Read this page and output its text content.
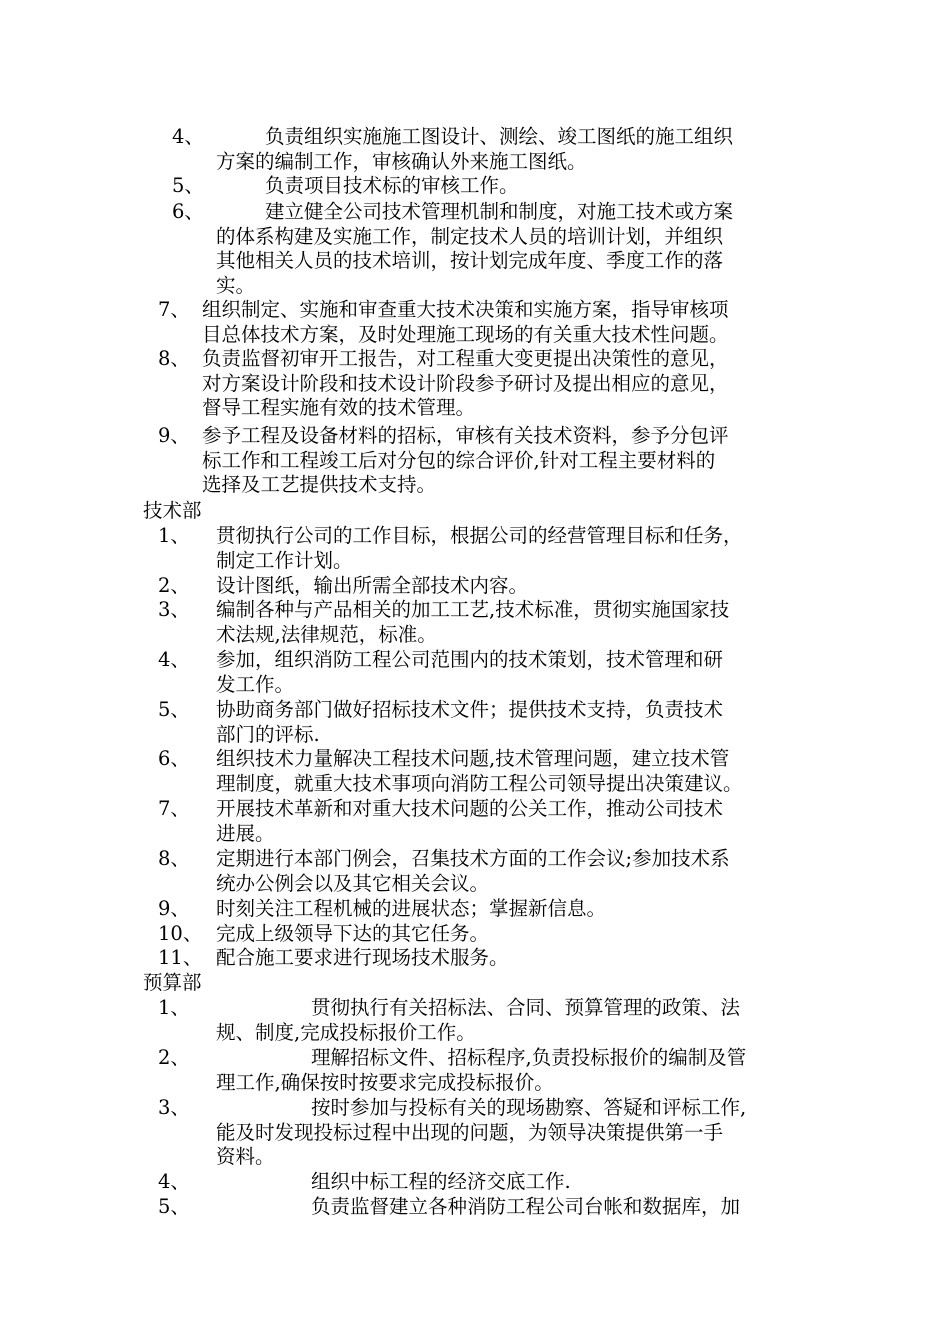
4、	负责组织实施施工图设计、测绘、竣工图纸的施工组织
方案的编制工作，审核确认外来施工图纸。
5、	负责项目技术标的审核工作。
6、	建立健全公司技术管理机制和制度，对施工技术或方案
的体系构建及实施工作，制定技术人员的培训计划，并组织
其他相关人员的技术培训，按计划完成年度、季度工作的落
实。
7、 组织制定、实施和审查重大技术决策和实施方案，指导审核项
目总体技术方案，及时处理施工现场的有关重大技术性问题。
8、 负责监督初审开工报告，对工程重大变更提出决策性的意见，
对方案设计阶段和技术设计阶段参予研讨及提出相应的意见，
督导工程实施有效的技术管理。
9、 参予工程及设备材料的招标，审核有关技术资料，参予分包评
标工作和工程竣工后对分包的综合评价,针对工程主要材料的
选择及工艺提供技术支持。
技术部
1、 贯彻执行公司的工作目标，根据公司的经营管理目标和任务，
制定工作计划。
2、 设计图纸，输出所需全部技术内容。
3、 编制各种与产品相关的加工工艺,技术标准，贯彻实施国家技
术法规,法律规范，标准。
4、 参加，组织消防工程公司范围内的技术策划，技术管理和研
发工作。
5、 协助商务部门做好招标技术文件；提供技术支持，负责技术
部门的评标.
6、 组织技术力量解决工程技术问题,技术管理问题，建立技术管
理制度，就重大技术事项向消防工程公司领导提出决策建议。
7、 开展技术革新和对重大技术问题的公关工作，推动公司技术
进展。
8、 定期进行本部门例会，召集技术方面的工作会议;参加技术系
统办公例会以及其它相关会议。
9、 时刻关注工程机械的进展状态；掌握新信息。
10、 完成上级领导下达的其它任务。
11、 配合施工要求进行现场技术服务。
预算部
1、	贯彻执行有关招标法、合同、预算管理的政策、法
规、制度,完成投标报价工作。
2、	理解招标文件、招标程序,负责投标报价的编制及管
理工作,确保按时按要求完成投标报价。
3、	按时参加与投标有关的现场勘察、答疑和评标工作,
能及时发现投标过程中出现的问题，为领导决策提供第一手
资料。
4、	组织中标工程的经济交底工作.
5、	负责监督建立各种消防工程公司台帐和数据库，加
